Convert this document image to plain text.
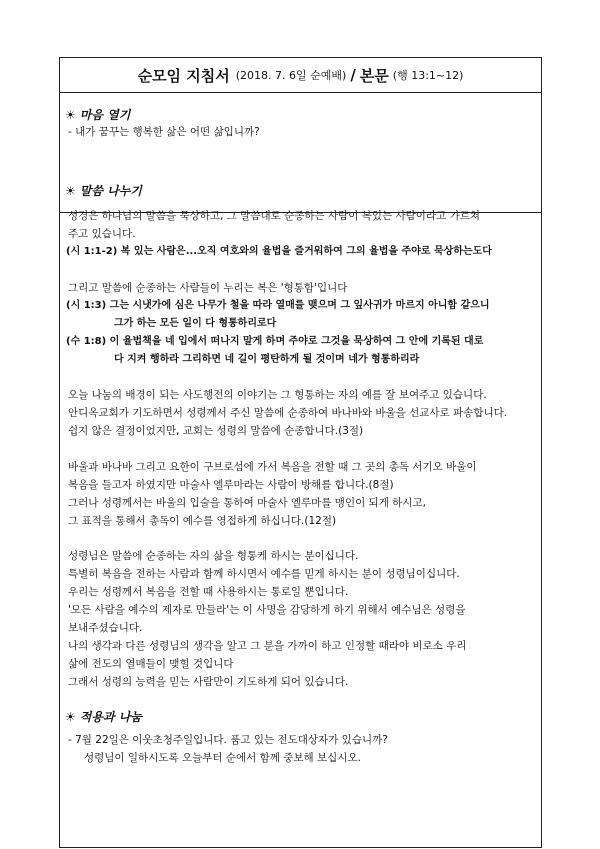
순모임 지침서 (2018. 7. 6일 순예배) / 본문 (행 13:1~12)
☀ 마음 열기
- 내가 꿈꾸는 행복한 삶은 어떤 삶입니까?
☀ 말씀 나누기
성경은 하나님의 말씀을 묵상하고, 그 말씀대로 순종하는 사람이 복있는 사람이라고 가르쳐
주고 있습니다.
(시 1:1-2) 복 있는 사람은...오직 여호와의 율법을 즐거워하여 그의 율법을 주야로 묵상하는도다
그리고 말씀에 순종하는 사람들이 누리는 복은 '형통함'입니다
(시 1:3) 그는 시냇가에 심은 나무가 철을 따라 열매를 맺으며 그 잎사귀가 마르지 아니함 같으니
그가 하는 모든 일이 다 형통하리로다
(수 1:8) 이 율법책을 네 입에서 떠나지 말게 하며 주야로 그것을 묵상하여 그 안에 기록된 대로
다 지켜 행하라 그리하면 네 길이 평탄하게 될 것이며 네가 형통하리라
오늘 나눔의 배경이 되는 사도행전의 이야기는 그 형통하는 자의 예를 잘 보여주고 있습니다.
안디옥교회가 기도하면서 성령께서 주신 말씀에 순종하여 바나바와 바울을 선교사로 파송합니다.
쉽지 않은 결정이었지만, 교회는 성령의 말씀에 순종합니다.(3절)
바울과 바나바 그리고 요한이 구브로섬에 가서 복음을 전할 때 그 곳의 총독 서기오 바울이
복음을 들고자 하였지만 마술사 엘루마라는 사람이 방해를 합니다.(8절)
그러나 성령께서는 바울의 입술을 통하여 마술사 엘루마를 맹인이 되게 하시고,
그 표적을 통해서 총독이 예수를 영접하게 하십니다.(12절)
성령님은 말씀에 순종하는 자의 삶을 형통케 하시는 분이십니다.
특별히 복음을 전하는 사람과 함께 하시면서 예수를 믿게 하시는 분이 성령님이십니다.
우리는 성령께서 복음을 전할 때 사용하시는 통로일 뿐입니다.
'모든 사람을 예수의 제자로 만들라'는 이 사명을 감당하게 하기 위해서 예수님은 성령을
보내주셨습니다.
나의 생각과 다른 성령님의 생각을 알고 그 분을 가까이 하고 인정할 때라야 비로소 우리
삶에 전도의 열매들이 맺힐 것입니다
그래서 성령의 능력을 믿는 사람만이 기도하게 되어 있습니다.
☀ 적용과 나눔
- 7월 22일은 이웃초청주일입니다. 품고 있는 전도대상자가 있습니까?
성령님이 일하시도록 오늘부터 순에서 함께 중보해 보십시오.
